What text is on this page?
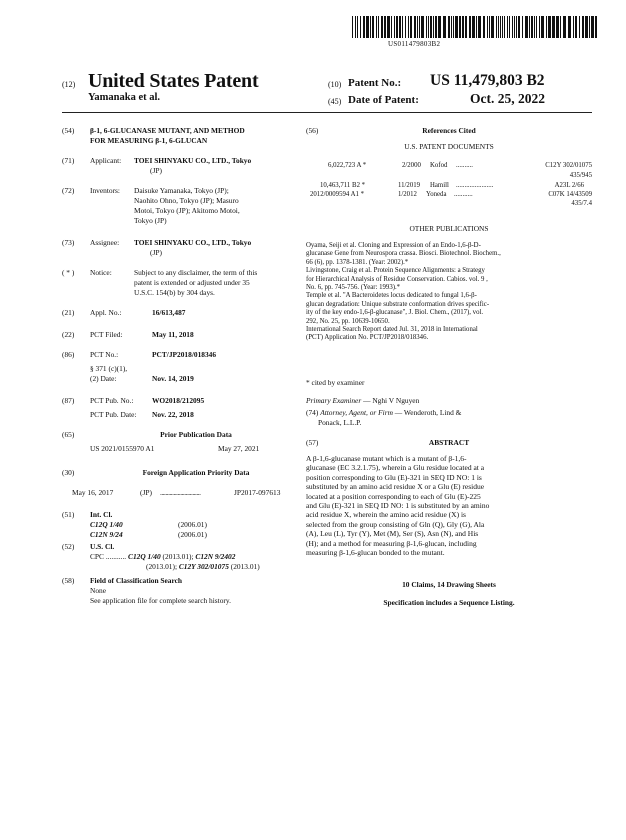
US011479803B2
(12) United States Patent
Yamanaka et al.
(10) Patent No.: US 11,479,803 B2
(45) Date of Patent:	Oct. 25, 2022
(54)	β-1, 6-GLUCANASE MUTANT, AND METHOD
FOR MEASURING β-1, 6-GLUCAN
(71)	Applicant: TOEI SHINYAKU CO., LTD., Tokyo
(JP)
(72)	Inventors: Daisuke Yamanaka, Tokyo (JP);
Naohito Ohno, Tokyo (JP); Masuro
Motoi, Tokyo (JP); Akitomo Motoi,
Tokyo (JP)
(73)	Assignee: TOEI SHINYAKU CO., LTD., Tokyo
(JP)
( * )	Notice:	Subject to any disclaimer, the term of this
patent is extended or adjusted under 35
U.S.C. 154(b) by 304 days.
(21)	Appl. No.:	16/613,487
(22)	PCT Filed:	May 11, 2018
(86)	PCT No.:	PCT/JP2018/018346
§ 371 (c)(1),
(2) Date:	Nov. 14, 2019
(87)	PCT Pub. No.:	WO2018/212095
PCT Pub. Date: Nov. 22, 2018
(65)	Prior Publication Data
US 2021/0155970 A1	May 27, 2021
(30)	Foreign Application Priority Data
May 16, 2017	(JP) ..............................	JP2017-097613
(51)	Int. Cl.
C12Q 1/40	(2006.01)
C12N 9/24	(2006.01)
(52)	U.S. Cl.
CPC ........... C12Q 1/40 (2013.01); C12N 9/2402
(2013.01); C12Y 302/01075 (2013.01)
(58)	Field of Classification Search
None
See application file for complete search history.
(56)	References Cited
U.S. PATENT DOCUMENTS
6,022,723 A *	2/2000 Kofod ..........	C12Y 302/01075
435/945
10,463,711 B2 *	11/2019 Hamill ......................	A23L 2/66
2012/0009594 A1 *	1/2012 Yoneda ...........	C07K 14/43509
435/7.4
OTHER PUBLICATIONS
Oyama, Seiji et al. Cloning and Expression of an Endo-1,6-β-D-
glucanase Gene from Neurospora crassa. Biosci. Biotechnol. Biochem.,
66 (6), pp. 1378-1381. (Year: 2002).*
Livingstone, Craig et al. Protein Sequence Alignments: a Strategy
for Hierarchical Analysis of Residue Conservation. Cabios. vol. 9 ,
No. 6, pp. 745-756. (Year: 1993).*
Temple et al. "A Bacteroidetes locus dedicated to fungal 1,6-β-
glucan degradation: Unique substrate conformation drives specific-
ity of the key endo-1,6-β-glucanase", J. Biol. Chem., (2017), vol.
292, No. 25, pp. 10639-10650.
International Search Report dated Jul. 31, 2018 in International
(PCT) Application No. PCT/JP2018/018346.
* cited by examiner
Primary Examiner — Nghi V Nguyen
(74) Attorney, Agent, or Firm — Wenderoth, Lind &
Ponack, L.L.P.
(57)	ABSTRACT
A β-1,6-glucanase mutant which is a mutant of β-1,6-
glucanase (EC 3.2.1.75), wherein a Glu residue located at a
position corresponding to Glu (E)-321 in SEQ ID NO: 1 is
substituted by an amino acid residue X or a Glu (E) residue
located at a position corresponding to each of Glu (E)-225
and Glu (E)-321 in SEQ ID NO: 1 is substituted by an amino
acid residue X, wherein the amino acid residue (X) is
selected from the group consisting of Gln (Q), Gly (G), Ala
(A), Leu (L), Tyr (Y), Met (M), Ser (S), Asn (N), and His
(H); and a method for measuring β-1,6-glucan, including
measuring β-1,6-glucan bonded to the mutant.
10 Claims, 14 Drawing Sheets
Specification includes a Sequence Listing.
